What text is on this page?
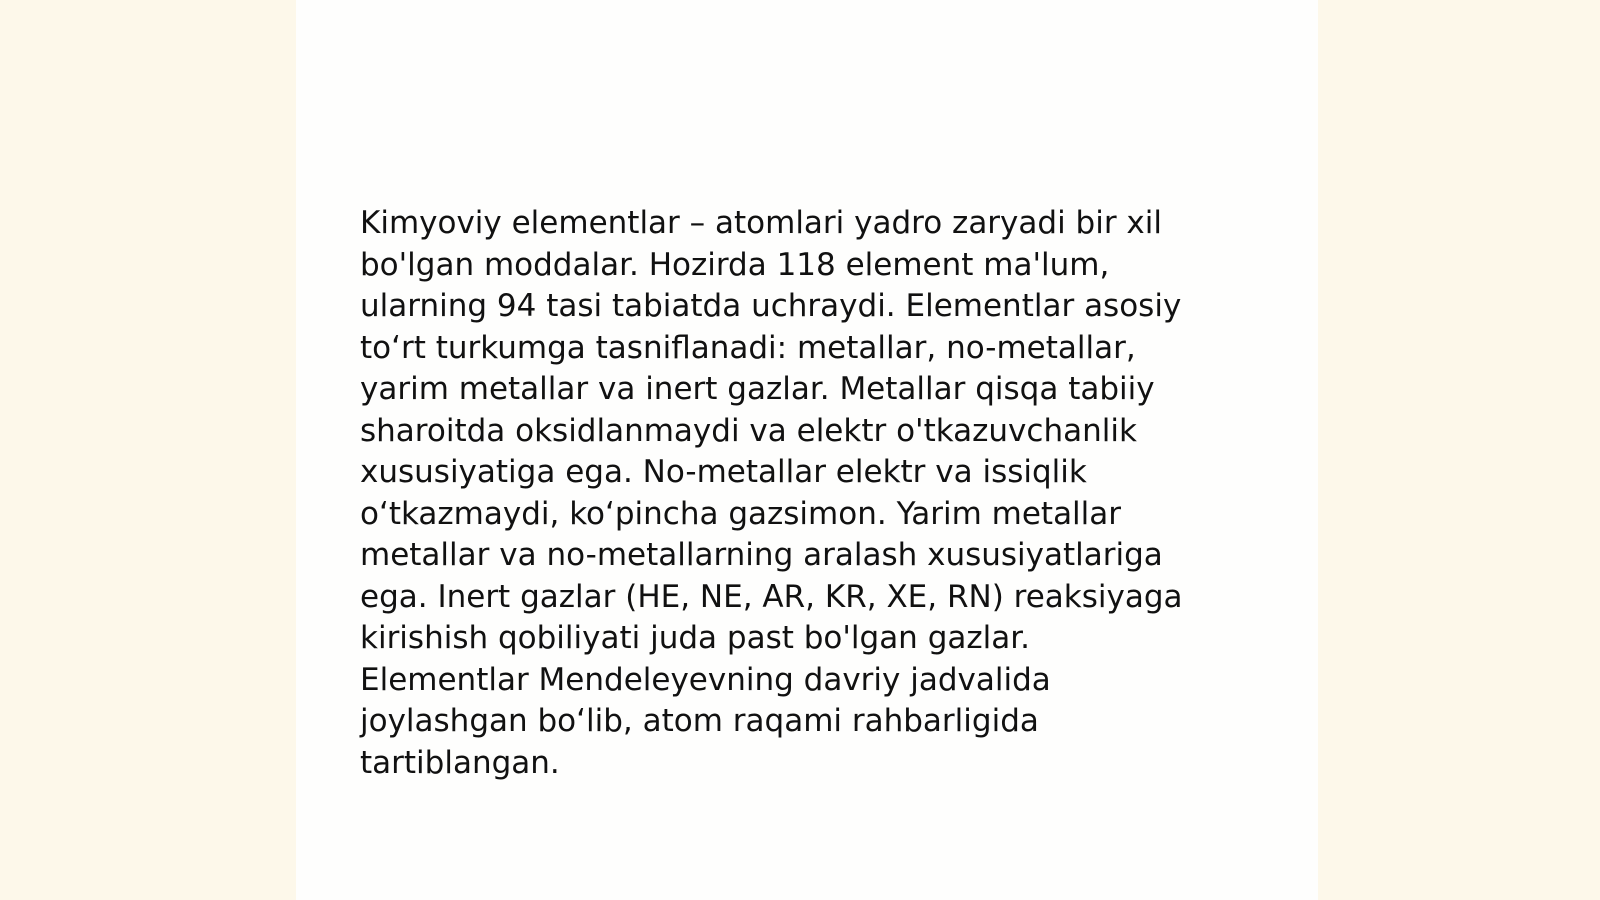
Kimyoviy elementlar – atomlari yadro zaryadi bir xil
bo'lgan moddalar. Hozirda 118 element ma'lum,
ularning 94 tasi tabiatda uchraydi. Elementlar asosiy
to‘rt turkumga tasniflanadi: metallar, no-metallar,
yarim metallar va inert gazlar. Metallar qisqa tabiiy
sharoitda oksidlanmaydi va elektr o'tkazuvchanlik
xususiyatiga ega. No-metallar elektr va issiqlik
o‘tkazmaydi, ko‘pincha gazsimon. Yarim metallar
metallar va no-metallarning aralash xususiyatlariga
ega. Inert gazlar (HE, NE, AR, KR, XE, RN) reaksiyaga
kirishish qobiliyati juda past bo'lgan gazlar.
Elementlar Mendeleyevning davriy jadvalida
joylashgan bo‘lib, atom raqami rahbarligida
tartiblangan.
